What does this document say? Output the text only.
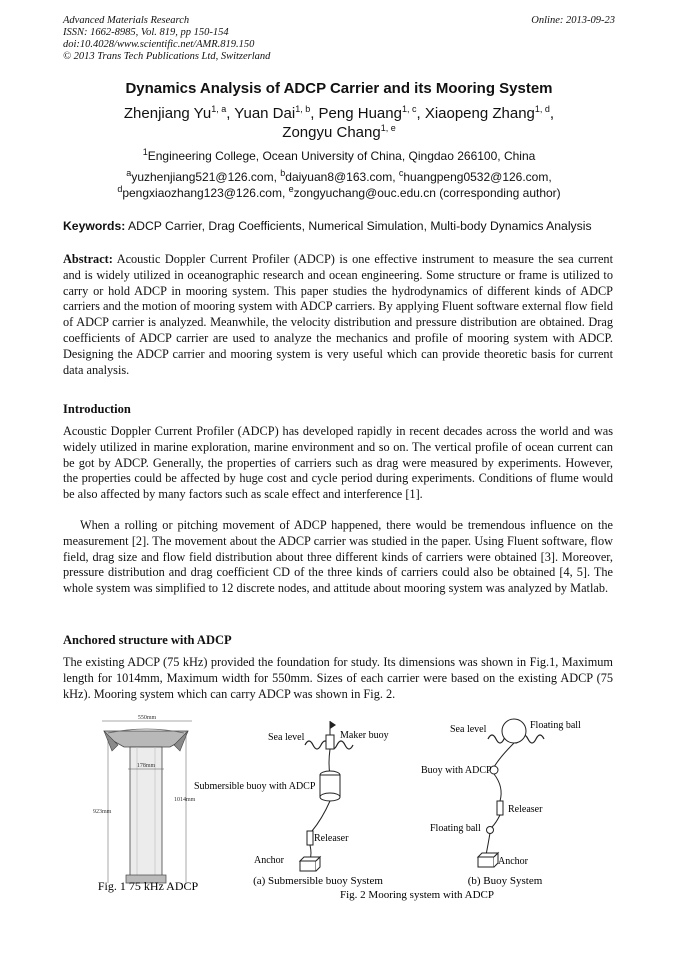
Advanced Materials Research
ISSN: 1662-8985, Vol. 819, pp 150-154
doi:10.4028/www.scientific.net/AMR.819.150
© 2013 Trans Tech Publications Ltd, Switzerland
Online: 2013-09-23
Dynamics Analysis of ADCP Carrier and its Mooring System
Zhenjiang Yu$^{1, a}$, Yuan Dai$^{1, b}$, Peng Huang$^{1, c}$, Xiaopeng Zhang$^{1, d}$,
Zongyu Chang$^{1, e}$
$^1$Engineering College, Ocean University of China, Qingdao 266100, China
$^a$yuzhenjiang521@126.com, $^b$daiyuan8@163.com, $^c$huangpeng0532@126.com,
$^d$pengxiaozhang123@126.com, $^e$zongyuchang@ouc.edu.cn (corresponding author)
Keywords: ADCP Carrier, Drag Coefficients, Numerical Simulation, Multi-body Dynamics Analysis
Abstract: Acoustic Doppler Current Profiler (ADCP) is one effective instrument to measure the sea current and is widely utilized in oceanographic research and ocean engineering. Some structure or frame is utilized to carry or hold ADCP in mooring system. This paper studies the hydrodynamics of different kinds of ADCP carriers and the motion of mooring system with ADCP carriers. By applying Fluent software external flow field of ADCP carrier is analyzed. Meanwhile, the velocity distribution and pressure distribution are obtained. Drag coefficients of ADCP carrier are used to analyze the mechanics and profile of mooring system with ADCP. Designing the ADCP carrier and mooring system is very useful which can provide theoretic basis for current data analysis.
Introduction
Acoustic Doppler Current Profiler (ADCP) has developed rapidly in recent decades across the world and was widely utilized in marine exploration, marine environment and so on. The vertical profile of ocean current can be got by ADCP. Generally, the properties of carriers such as drag were measured by experiments. However, the properties could be affected by huge cost and cycle period during experiments. Conditions of flume would be also affected by many factors such as scale effect and interference [1].
When a rolling or pitching movement of ADCP happened, there would be tremendous influence on the measurement [2]. The movement about the ADCP carrier was studied in the paper. Using Fluent software, flow field, drag size and flow field distribution about three different kinds of carriers were obtained [3]. Moreover, pressure distribution and drag coefficient CD of the three kinds of carriers could also be obtained [4, 5]. The whole system was simplified to 12 discrete nodes, and attitude about mooring system was analyzed by Matlab.
Anchored structure with ADCP
The existing ADCP (75 kHz) provided the foundation for study. Its dimensions was shown in Fig.1, Maximum length for 1014mm, Maximum width for 550mm. Sizes of each carrier were based on the existing ADCP (75 kHz). Mooring system which can carry ADCP was shown in Fig. 2.
550mm
178mm
923mm
1014mm
Fig. 1 75 kHz ADCP
Sea level	Maker buoy
Submersible buoy with ADCP
Releaser
Anchor
(a) Submersible buoy System
Sea level	Floating ball
Buoy with ADCP
Releaser
Floating ball
Anchor
(b) Buoy System
Fig. 2 Mooring system with ADCP
